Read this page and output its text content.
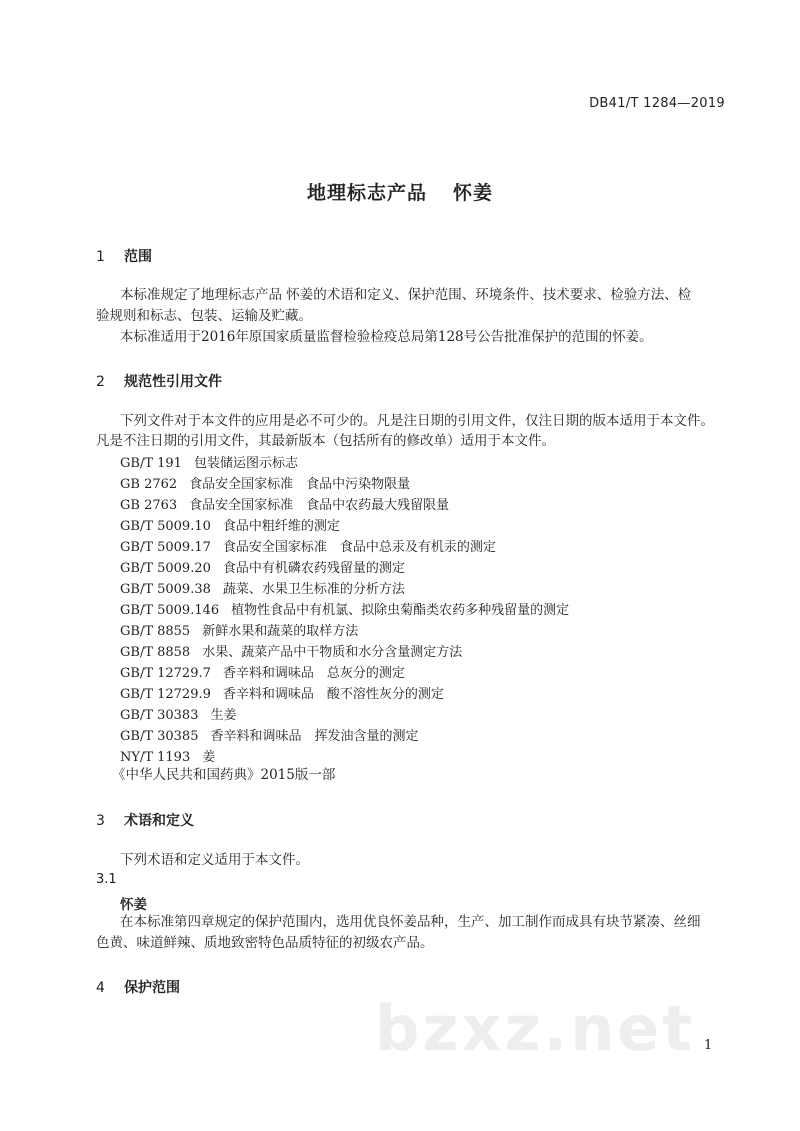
DB41/T 1284—2019
地理标志产品 怀姜
1 范围
本标准规定了地理标志产品 怀姜的术语和定义、保护范围、环境条件、技术要求、检验方法、检
验规则和标志、包装、运输及贮藏。
本标准适用于2016年原国家质量监督检验检疫总局第128号公告批准保护的范围的怀姜。
2 规范性引用文件
下列文件对于本文件的应用是必不可少的。凡是注日期的引用文件，仅注日期的版本适用于本文件。
凡是不注日期的引用文件，其最新版本（包括所有的修改单）适用于本文件。
GB/T 191 包装储运图示标志
GB 2762 食品安全国家标准　食品中污染物限量
GB 2763 食品安全国家标准　食品中农药最大残留限量
GB/T 5009.10 食品中粗纤维的测定
GB/T 5009.17 食品安全国家标准　食品中总汞及有机汞的测定
GB/T 5009.20 食品中有机磷农药残留量的测定
GB/T 5009.38 蔬菜、水果卫生标准的分析方法
GB/T 5009.146 植物性食品中有机氯、拟除虫菊酯类农药多种残留量的测定
GB/T 8855 新鲜水果和蔬菜的取样方法
GB/T 8858 水果、蔬菜产品中干物质和水分含量测定方法
GB/T 12729.7 香辛料和调味品　总灰分的测定
GB/T 12729.9 香辛料和调味品　酸不溶性灰分的测定
GB/T 30383 生姜
GB/T 30385 香辛料和调味品　挥发油含量的测定
NY/T 1193 姜
《中华人民共和国药典》2015版一部
3 术语和定义
下列术语和定义适用于本文件。
3.1
怀姜
在本标准第四章规定的保护范围内，选用优良怀姜品种，生产、加工制作而成具有块节紧凑、丝细
色黄、味道鲜辣、质地致密特色品质特征的初级农产品。
4 保护范围
bzxz.net 1
